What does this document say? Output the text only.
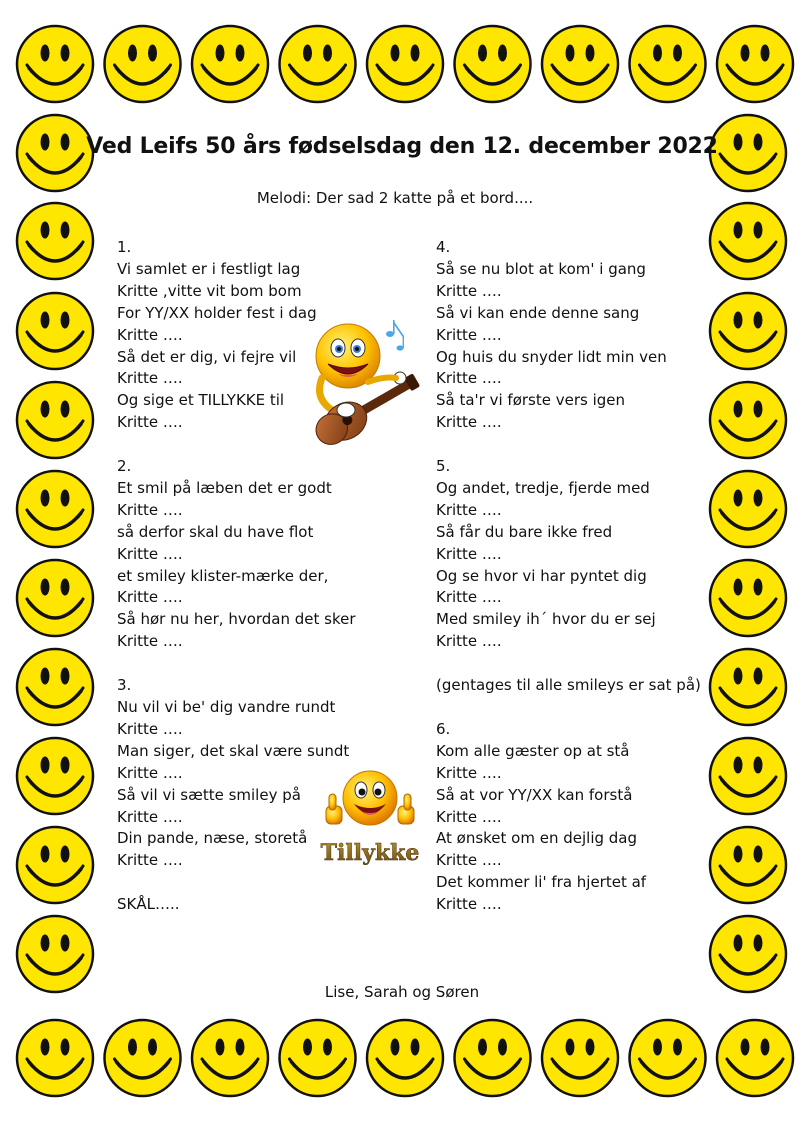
Ved Leifs 50 års fødselsdag den 12. december 2022
Melodi: Der sad 2 katte på et bord....
1.
Vi samlet er i festligt lag
Kritte ,vitte vit bom bom
For YY/XX holder fest i dag
Kritte ….
Så det er dig, vi fejre vil
Kritte ….
Og sige et TILLYKKE til
Kritte ….
2.
Et smil på læben det er godt
Kritte ….
så derfor skal du have flot
Kritte ….
et smiley klister-mærke der,
Kritte ….
Så hør nu her, hvordan det sker
Kritte ….
3.
Nu vil vi be' dig vandre rundt
Kritte ….
Man siger, det skal være sundt
Kritte ….
Så vil vi sætte smiley på
Kritte ….
Din pande, næse, storetå
Kritte ….
SKÅL…..
4.
Så se nu blot at kom' i gang
Kritte ….
Så vi kan ende denne sang
Kritte ….
Og huis du snyder lidt min ven
Kritte ….
Så ta'r vi første vers igen
Kritte ….
5.
Og andet, tredje, fjerde med
Kritte ….
Så får du bare ikke fred
Kritte ….
Og se hvor vi har pyntet dig
Kritte ….
Med smiley ih´ hvor du er sej
Kritte ….
(gentages til alle smileys er sat på)
6.
Kom alle gæster op at stå
Kritte ….
Så at vor YY/XX kan forstå
Kritte ….
At ønsket om en dejlig dag
Kritte ….
Det kommer li' fra hjertet af
Kritte ….
Lise, Sarah og Søren
Tillykke
